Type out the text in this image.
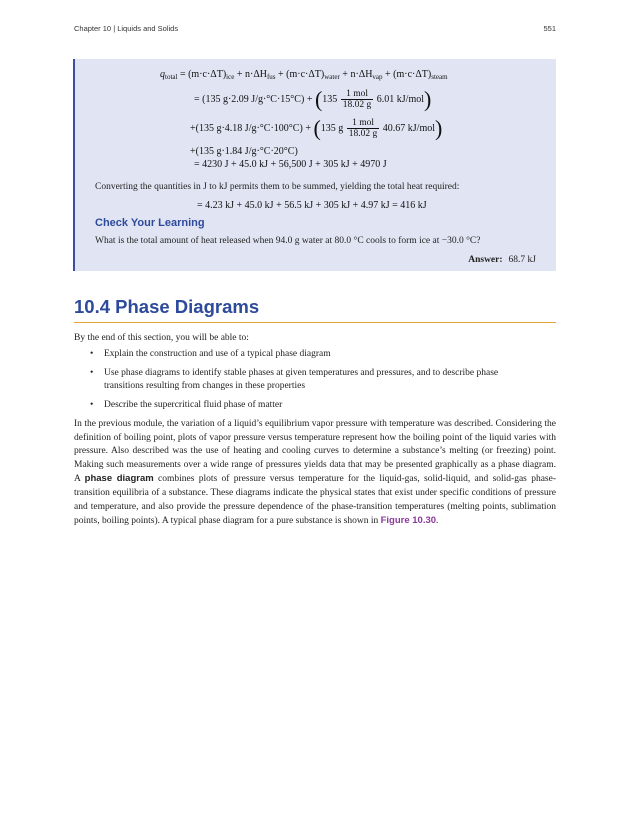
Chapter 10 | Liquids and Solids	551
$q_{total} = (m\cdot c\cdot\Delta T)_{ice} + n\cdot\Delta H_{fus} + (m\cdot c\cdot\Delta T)_{water} + n\cdot\Delta H_{vap} + (m\cdot c\cdot\Delta T)_{steam}$
= (135 g·2.09 $J/g\cdot^\circ C\cdot 15^\circ C) + (135 \frac{\text{1 mol}}{18.02 g} 6.01$ kJ/mol)
+(135 g·4.18 J/g·°C·100°C) + (135 g $\frac{\text{1 mol}}{18.02 g} 40.67$ kJ/mol)
+(135 g·1.84 J/g·°C·20°C)
= 4230 J + 45.0 kJ + 56,500 J + 305 kJ + 4970 J
Converting the quantities in J to kJ permits them to be summed, yielding the total heat required:
= 4.23 kJ + 45.0 kJ + 56.5 kJ + 305 kJ + 4.97 kJ = 416 kJ
Check Your Learning
What is the total amount of heat released when 94.0 g water at 80.0 °C cools to form ice at −30.0 °C?
Answer: 68.7 kJ
10.4 Phase Diagrams
By the end of this section, you will be able to:
• Explain the construction and use of a typical phase diagram
• Use phase diagrams to identify stable phases at given temperatures and pressures, and to describe phase transitions resulting from changes in these properties
• Describe the supercritical fluid phase of matter

In the previous module, the variation of a liquid’s equilibrium vapor pressure with temperature was described. Considering the definition of boiling point, plots of vapor pressure versus temperature represent how the boiling point of the liquid varies with pressure. Also described was the use of heating and cooling curves to determine a substance’s melting (or freezing) point. Making such measurements over a wide range of pressures yields data that may be presented graphically as a phase diagram. A phase diagram combines plots of pressure versus temperature for the liquid-gas, solid-liquid, and solid-gas phase-transition equilibria of a substance. These diagrams indicate the physical states that exist under specific conditions of pressure and temperature, and also provide the pressure dependence of the phase-transition temperatures (melting points, sublimation points, boiling points). A typical phase diagram for a pure substance is shown in Figure 10.30.
